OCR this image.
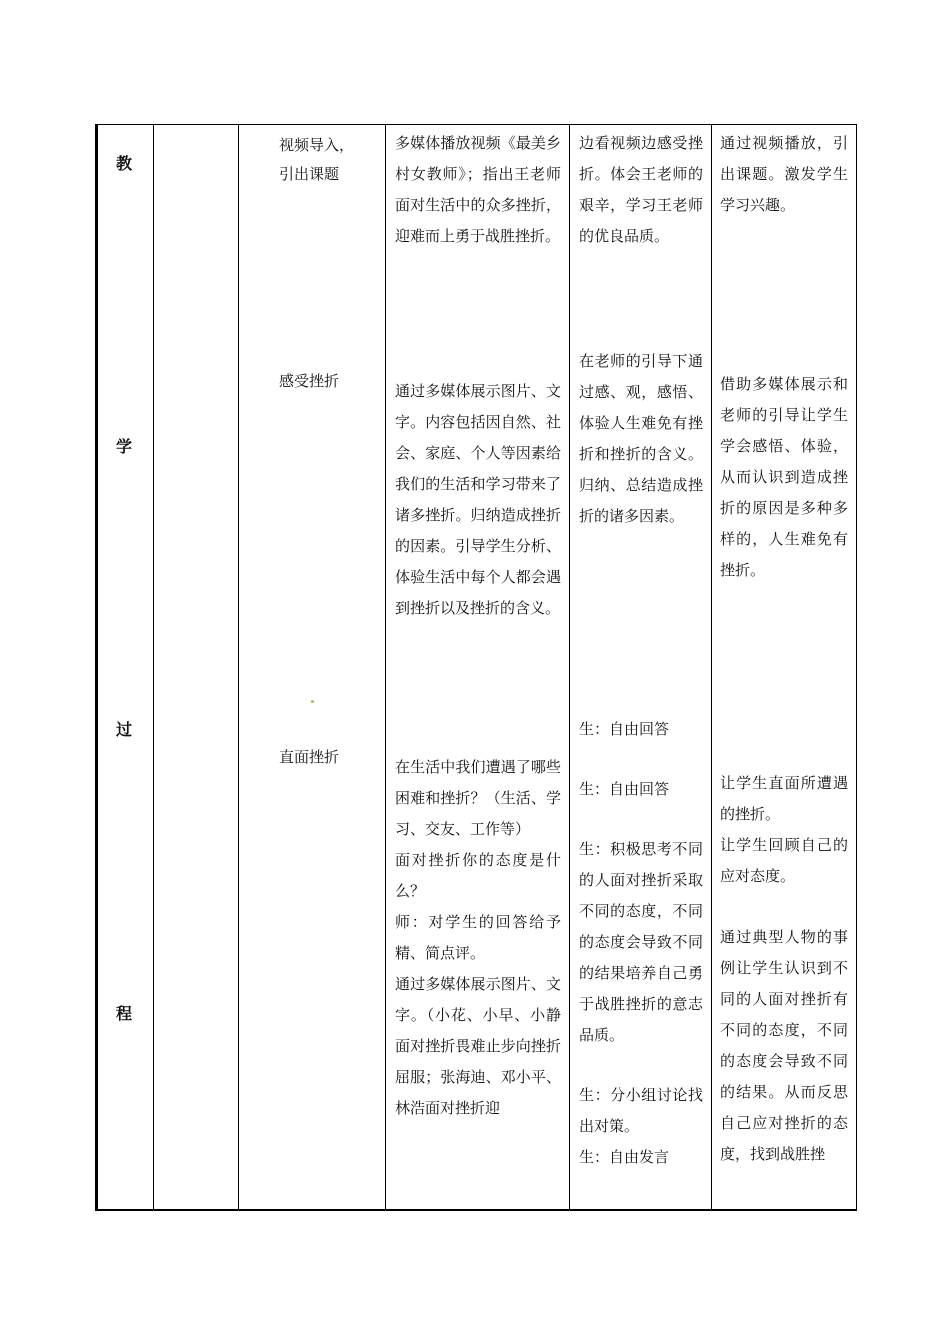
教
学
过
程
视频导入，
引出课题

多媒体播放视频《最美乡村女教师》；指出王老师面对生活中的众多挫折，迎难而上勇于战胜挫折。

边看视频边感受挫折。体会王老师的艰辛，学习王老师的优良品质。

通过视频播放，引出课题。激发学生学习兴趣。

感受挫折

通过多媒体展示图片、文字。内容包括因自然、社会、家庭、个人等因素给我们的生活和学习带来了诸多挫折。归纳造成挫折的因素。引导学生分析、体验生活中每个人都会遇到挫折以及挫折的含义。

在老师的引导下通过感、观，感悟、体验人生难免有挫折和挫折的含义。归纳、总结造成挫折的诸多因素。

借助多媒体展示和老师的引导让学生学会感悟、体验，从而认识到造成挫折的原因是多种多样的，人生难免有挫折。

直面挫折

在生活中我们遭遇了哪些困难和挫折？（生活、学习、交友、工作等）

面对挫折你的态度是什么？

师：对学生的回答给予精、简点评。

通过多媒体展示图片、文字。（小花、小早、小静面对挫折畏难止步向挫折屈服；张海迪、邓小平、林浩面对挫折迎

生：自由回答

生：自由回答

生：积极思考不同的人面对挫折采取不同的态度，不同的态度会导致不同的结果培养自己勇于战胜挫折的意志品质。

生：分小组讨论找出对策。

生：自由发言

让学生直面所遭遇的挫折。

让学生回顾自己的应对态度。

通过典型人物的事例让学生认识到不同的人面对挫折有不同的态度，不同的态度会导致不同的结果。从而反思自己应对挫折的态度，找到战胜挫
